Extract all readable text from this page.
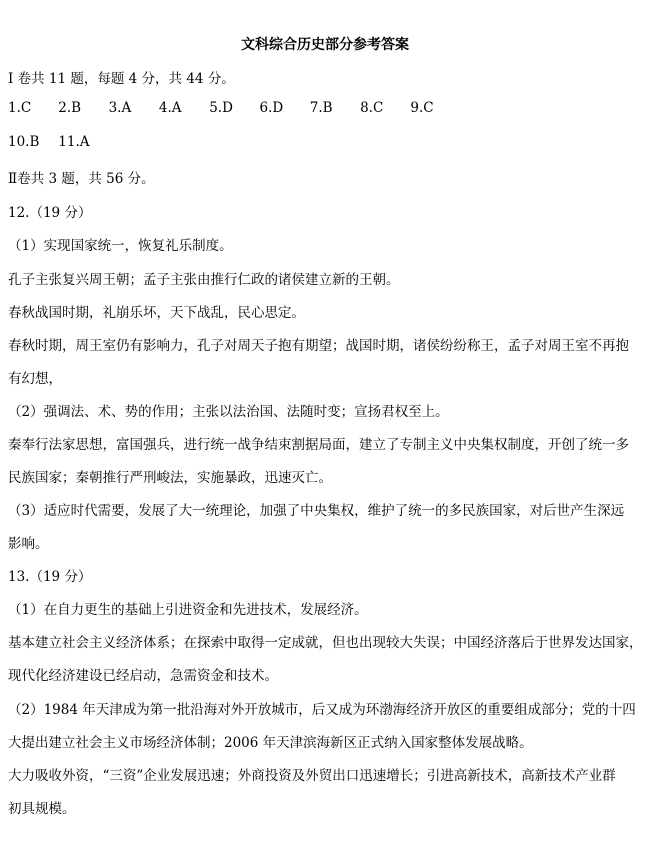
文科综合历史部分参考答案
I 卷共 11 题，每题 4 分，共 44 分。
1.C 2.B 3.A 4.A 5.D 6.D 7.B 8.C 9.C
10.B 11.A
Ⅱ卷共 3 题，共 56 分。
12.（19 分）
（1）实现国家统一，恢复礼乐制度。
孔子主张复兴周王朝；孟子主张由推行仁政的诸侯建立新的王朝。
春秋战国时期，礼崩乐坏，天下战乱，民心思定。
春秋时期，周王室仍有影响力，孔子对周天子抱有期望；战国时期，诸侯纷纷称王，孟子对周王室不再抱
有幻想，
（2）强调法、术、势的作用；主张以法治国、法随时变；宣扬君权至上。
秦奉行法家思想，富国强兵，进行统一战争结束割据局面，建立了专制主义中央集权制度，开创了统一多
民族国家；秦朝推行严刑峻法，实施暴政，迅速灭亡。
（3）适应时代需要，发展了大一统理论，加强了中央集权，维护了统一的多民族国家，对后世产生深远
影响。
13.（19 分）
（1）在自力更生的基础上引进资金和先进技术，发展经济。
基本建立社会主义经济体系；在探索中取得一定成就，但也出现较大失误；中国经济落后于世界发达国家，
现代化经济建设已经启动，急需资金和技术。
（2）1984 年天津成为第一批沿海对外开放城市，后又成为环渤海经济开放区的重要组成部分；党的十四
大提出建立社会主义市场经济体制；2006 年天津滨海新区正式纳入国家整体发展战略。
大力吸收外资，“三资”企业发展迅速；外商投资及外贸出口迅速增长；引进高新技术，高新技术产业群
初具规模。
